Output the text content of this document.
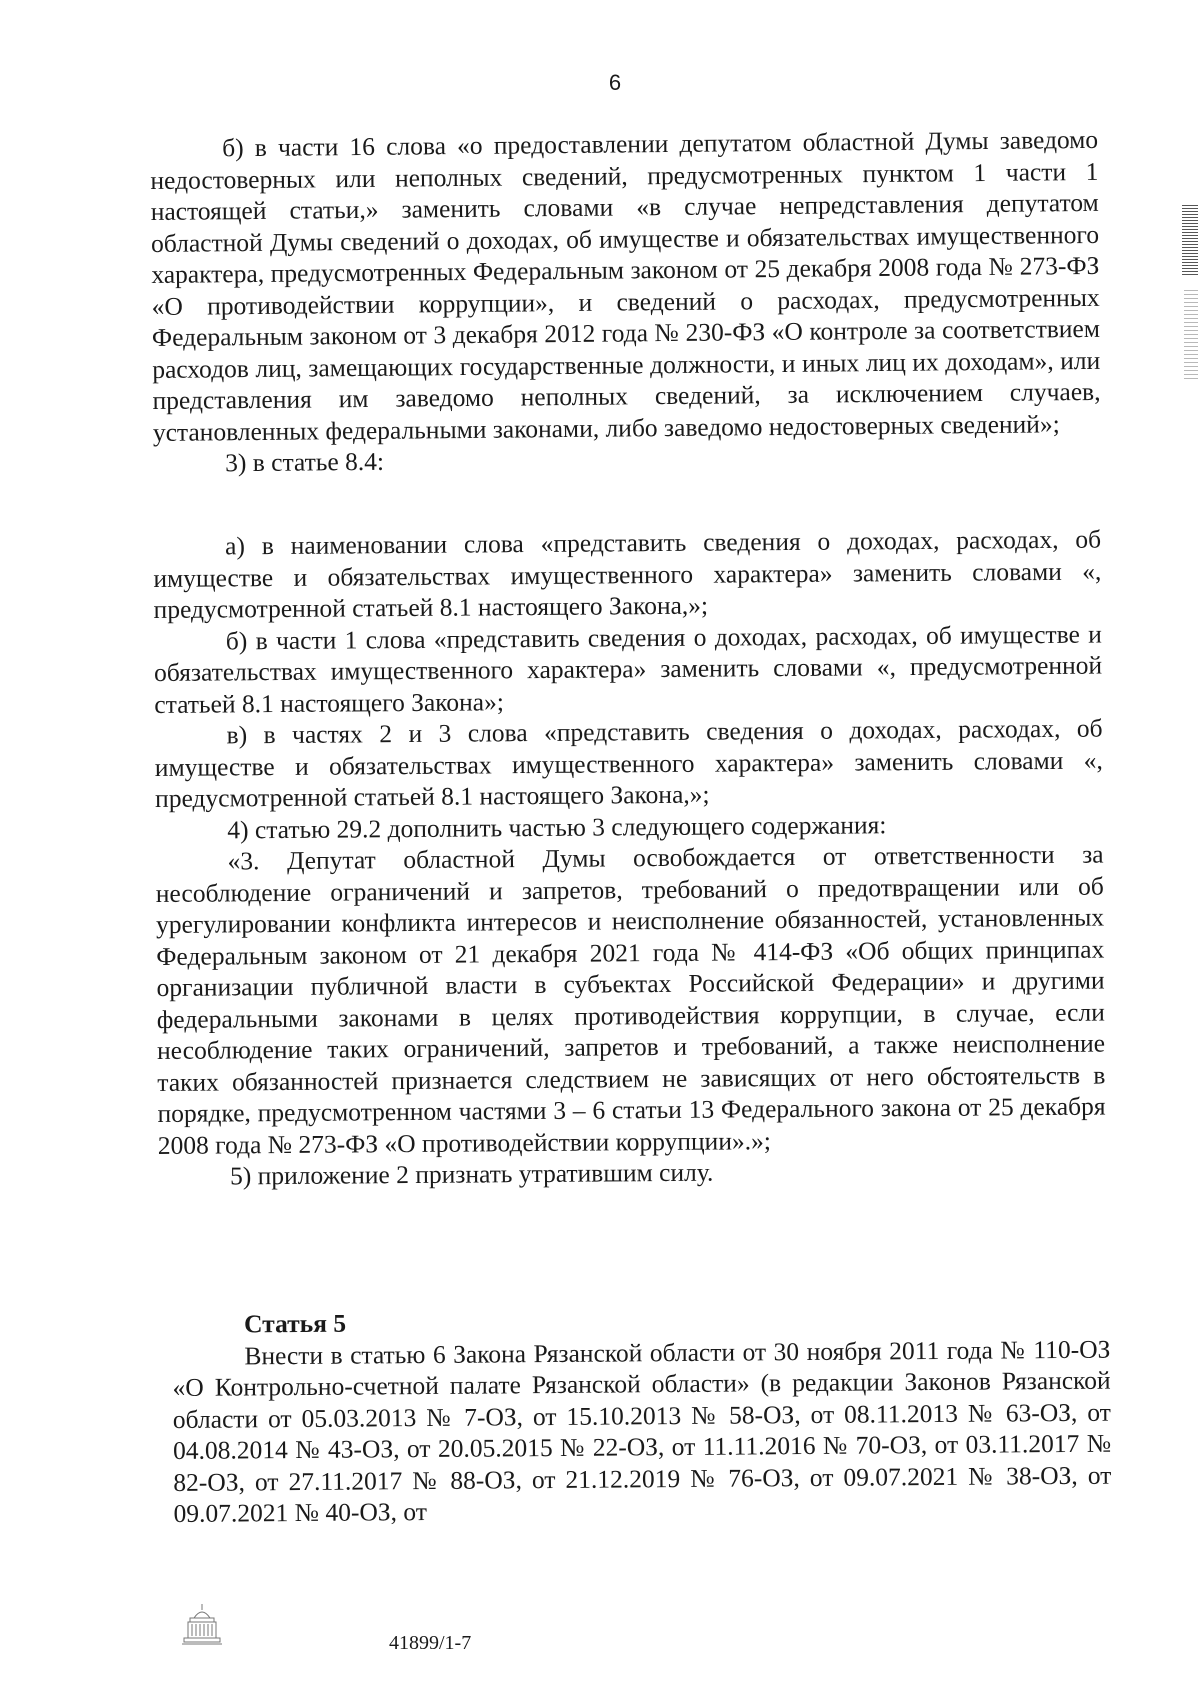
6

б) в части 16 слова «о предоставлении депутатом областной Думы заведомо недостоверных или неполных сведений, предусмотренных пунктом 1 части 1 настоящей статьи,» заменить словами «в случае непредставления депутатом областной Думы сведений о доходах, об имуществе и обязательствах имущественного характера, предусмотренных Федеральным законом от 25 декабря 2008 года № 273-ФЗ «О противодействии коррупции», и сведений о расходах, предусмотренных Федеральным законом от 3 декабря 2012 года № 230-ФЗ «О контроле за соответствием расходов лиц, замещающих государственные должности, и иных лиц их доходам», или представления им заведомо неполных сведений, за исключением случаев, установленных федеральными законами, либо заведомо недостоверных сведений»;

3) в статье 8.4:

а) в наименовании слова «представить сведения о доходах, расходах, об имуществе и обязательствах имущественного характера» заменить словами «, предусмотренной статьей 8.1 настоящего Закона,»;

б) в части 1 слова «представить сведения о доходах, расходах, об имуществе и обязательствах имущественного характера» заменить словами «, предусмотренной статьей 8.1 настоящего Закона»;

в) в частях 2 и 3 слова «представить сведения о доходах, расходах, об имуществе и обязательствах имущественного характера» заменить словами «, предусмотренной статьей 8.1 настоящего Закона,»;

4) статью 29.2 дополнить частью 3 следующего содержания:

«3. Депутат областной Думы освобождается от ответственности за несоблюдение ограничений и запретов, требований о предотвращении или об урегулировании конфликта интересов и неисполнение обязанностей, установленных Федеральным законом от 21 декабря 2021 года № 414-ФЗ «Об общих принципах организации публичной власти в субъектах Российской Федерации» и другими федеральными законами в целях противодействия коррупции, в случае, если несоблюдение таких ограничений, запретов и требований, а также неисполнение таких обязанностей признается следствием не зависящих от него обстоятельств в порядке, предусмотренном частями 3 – 6 статьи 13 Федерального закона от 25 декабря 2008 года № 273-ФЗ «О противодействии коррупции».»;

5) приложение 2 признать утратившим силу.

Статья 5

Внести в статью 6 Закона Рязанской области от 30 ноября 2011 года № 110-ОЗ «О Контрольно-счетной палате Рязанской области» (в редакции Законов Рязанской области от 05.03.2013 № 7-ОЗ, от 15.10.2013 № 58-ОЗ, от 08.11.2013 № 63-ОЗ, от 04.08.2014 № 43-ОЗ, от 20.05.2015 № 22-ОЗ, от 11.11.2016 № 70-ОЗ, от 03.11.2017 № 82-ОЗ, от 27.11.2017 № 88-ОЗ, от 21.12.2019 № 76-ОЗ, от 09.07.2021 № 38-ОЗ, от 09.07.2021 № 40-ОЗ, от

41899/1-7
